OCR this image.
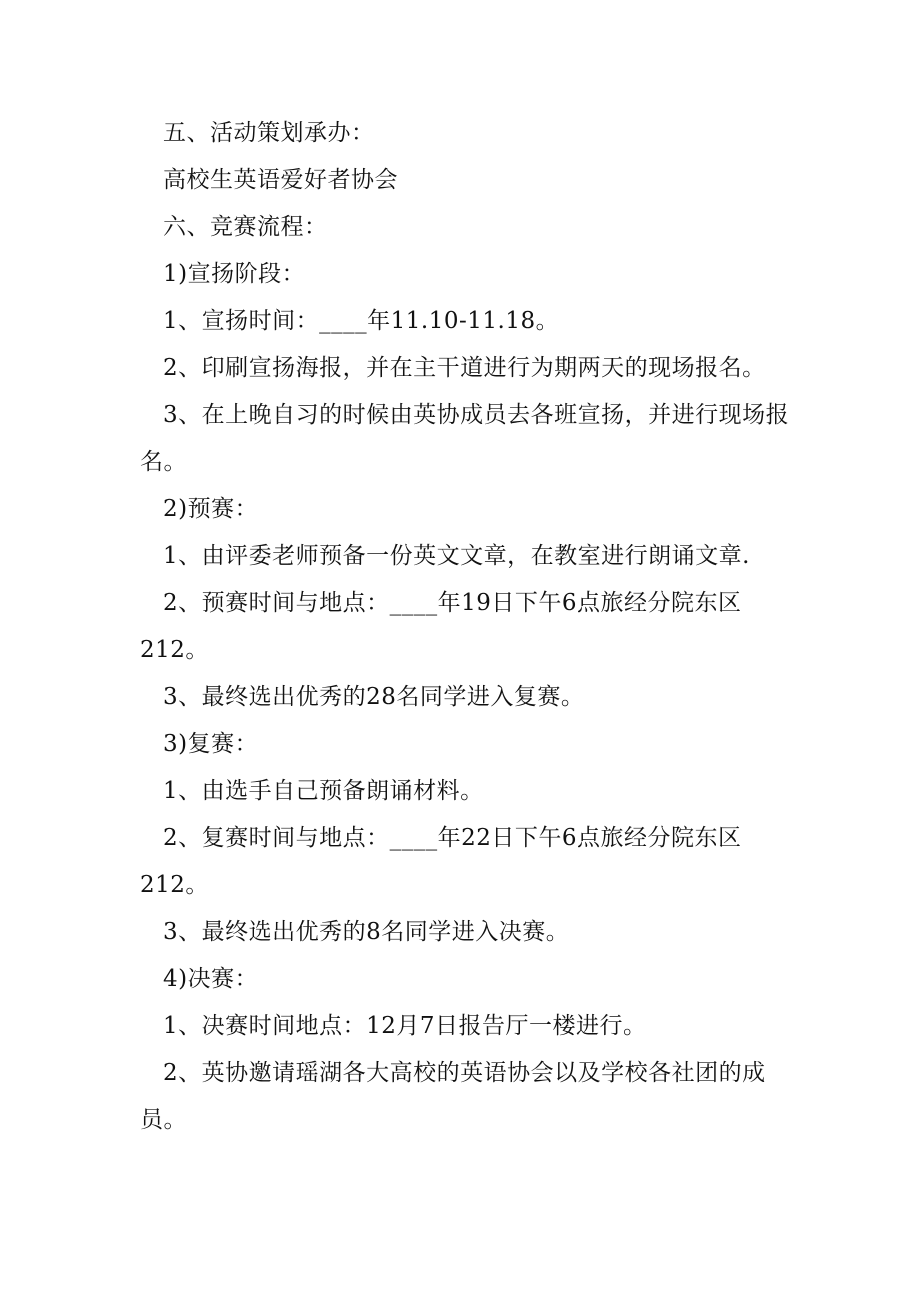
五、活动策划承办：

高校生英语爱好者协会

六、竞赛流程：

1)宣扬阶段：

1、宣扬时间：____年11.10-11.18。

2、印刷宣扬海报，并在主干道进行为期两天的现场报名。

3、在上晚自习的时候由英协成员去各班宣扬，并进行现场报名。

2)预赛：

1、由评委老师预备一份英文文章，在教室进行朗诵文章.

2、预赛时间与地点：____年19日下午6点旅经分院东区212。

3、最终选出优秀的28名同学进入复赛。

3)复赛：

1、由选手自己预备朗诵材料。

2、复赛时间与地点：____年22日下午6点旅经分院东区212。

3、最终选出优秀的8名同学进入决赛。

4)决赛：

1、决赛时间地点：12月7日报告厅一楼进行。

2、英协邀请瑶湖各大高校的英语协会以及学校各社团的成员。
